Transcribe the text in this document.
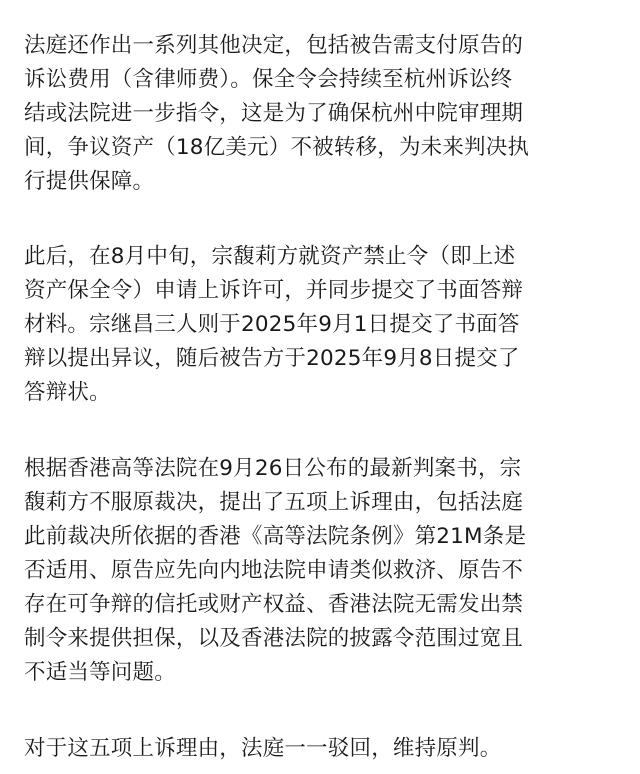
法庭还作出一系列其他决定，包括被告需支付原告的
诉讼费用（含律师费）。保全令会持续至杭州诉讼终
结或法院进一步指令，这是为了确保杭州中院审理期
间，争议资产（18亿美元）不被转移，为未来判决执
行提供保障。
此后，在8月中旬，宗馥莉方就资产禁止令（即上述
资产保全令）申请上诉许可，并同步提交了书面答辩
材料。宗继昌三人则于2025年9月1日提交了书面答
辩以提出异议，随后被告方于2025年9月8日提交了
答辩状。
根据香港高等法院在9月26日公布的最新判案书，宗
馥莉方不服原裁决，提出了五项上诉理由，包括法庭
此前裁决所依据的香港《高等法院条例》第21M条是
否适用、原告应先向内地法院申请类似救济、原告不
存在可争辩的信托或财产权益、香港法院无需发出禁
制令来提供担保，以及香港法院的披露令范围过宽且
不适当等问题。
对于这五项上诉理由，法庭一一驳回，维持原判。
